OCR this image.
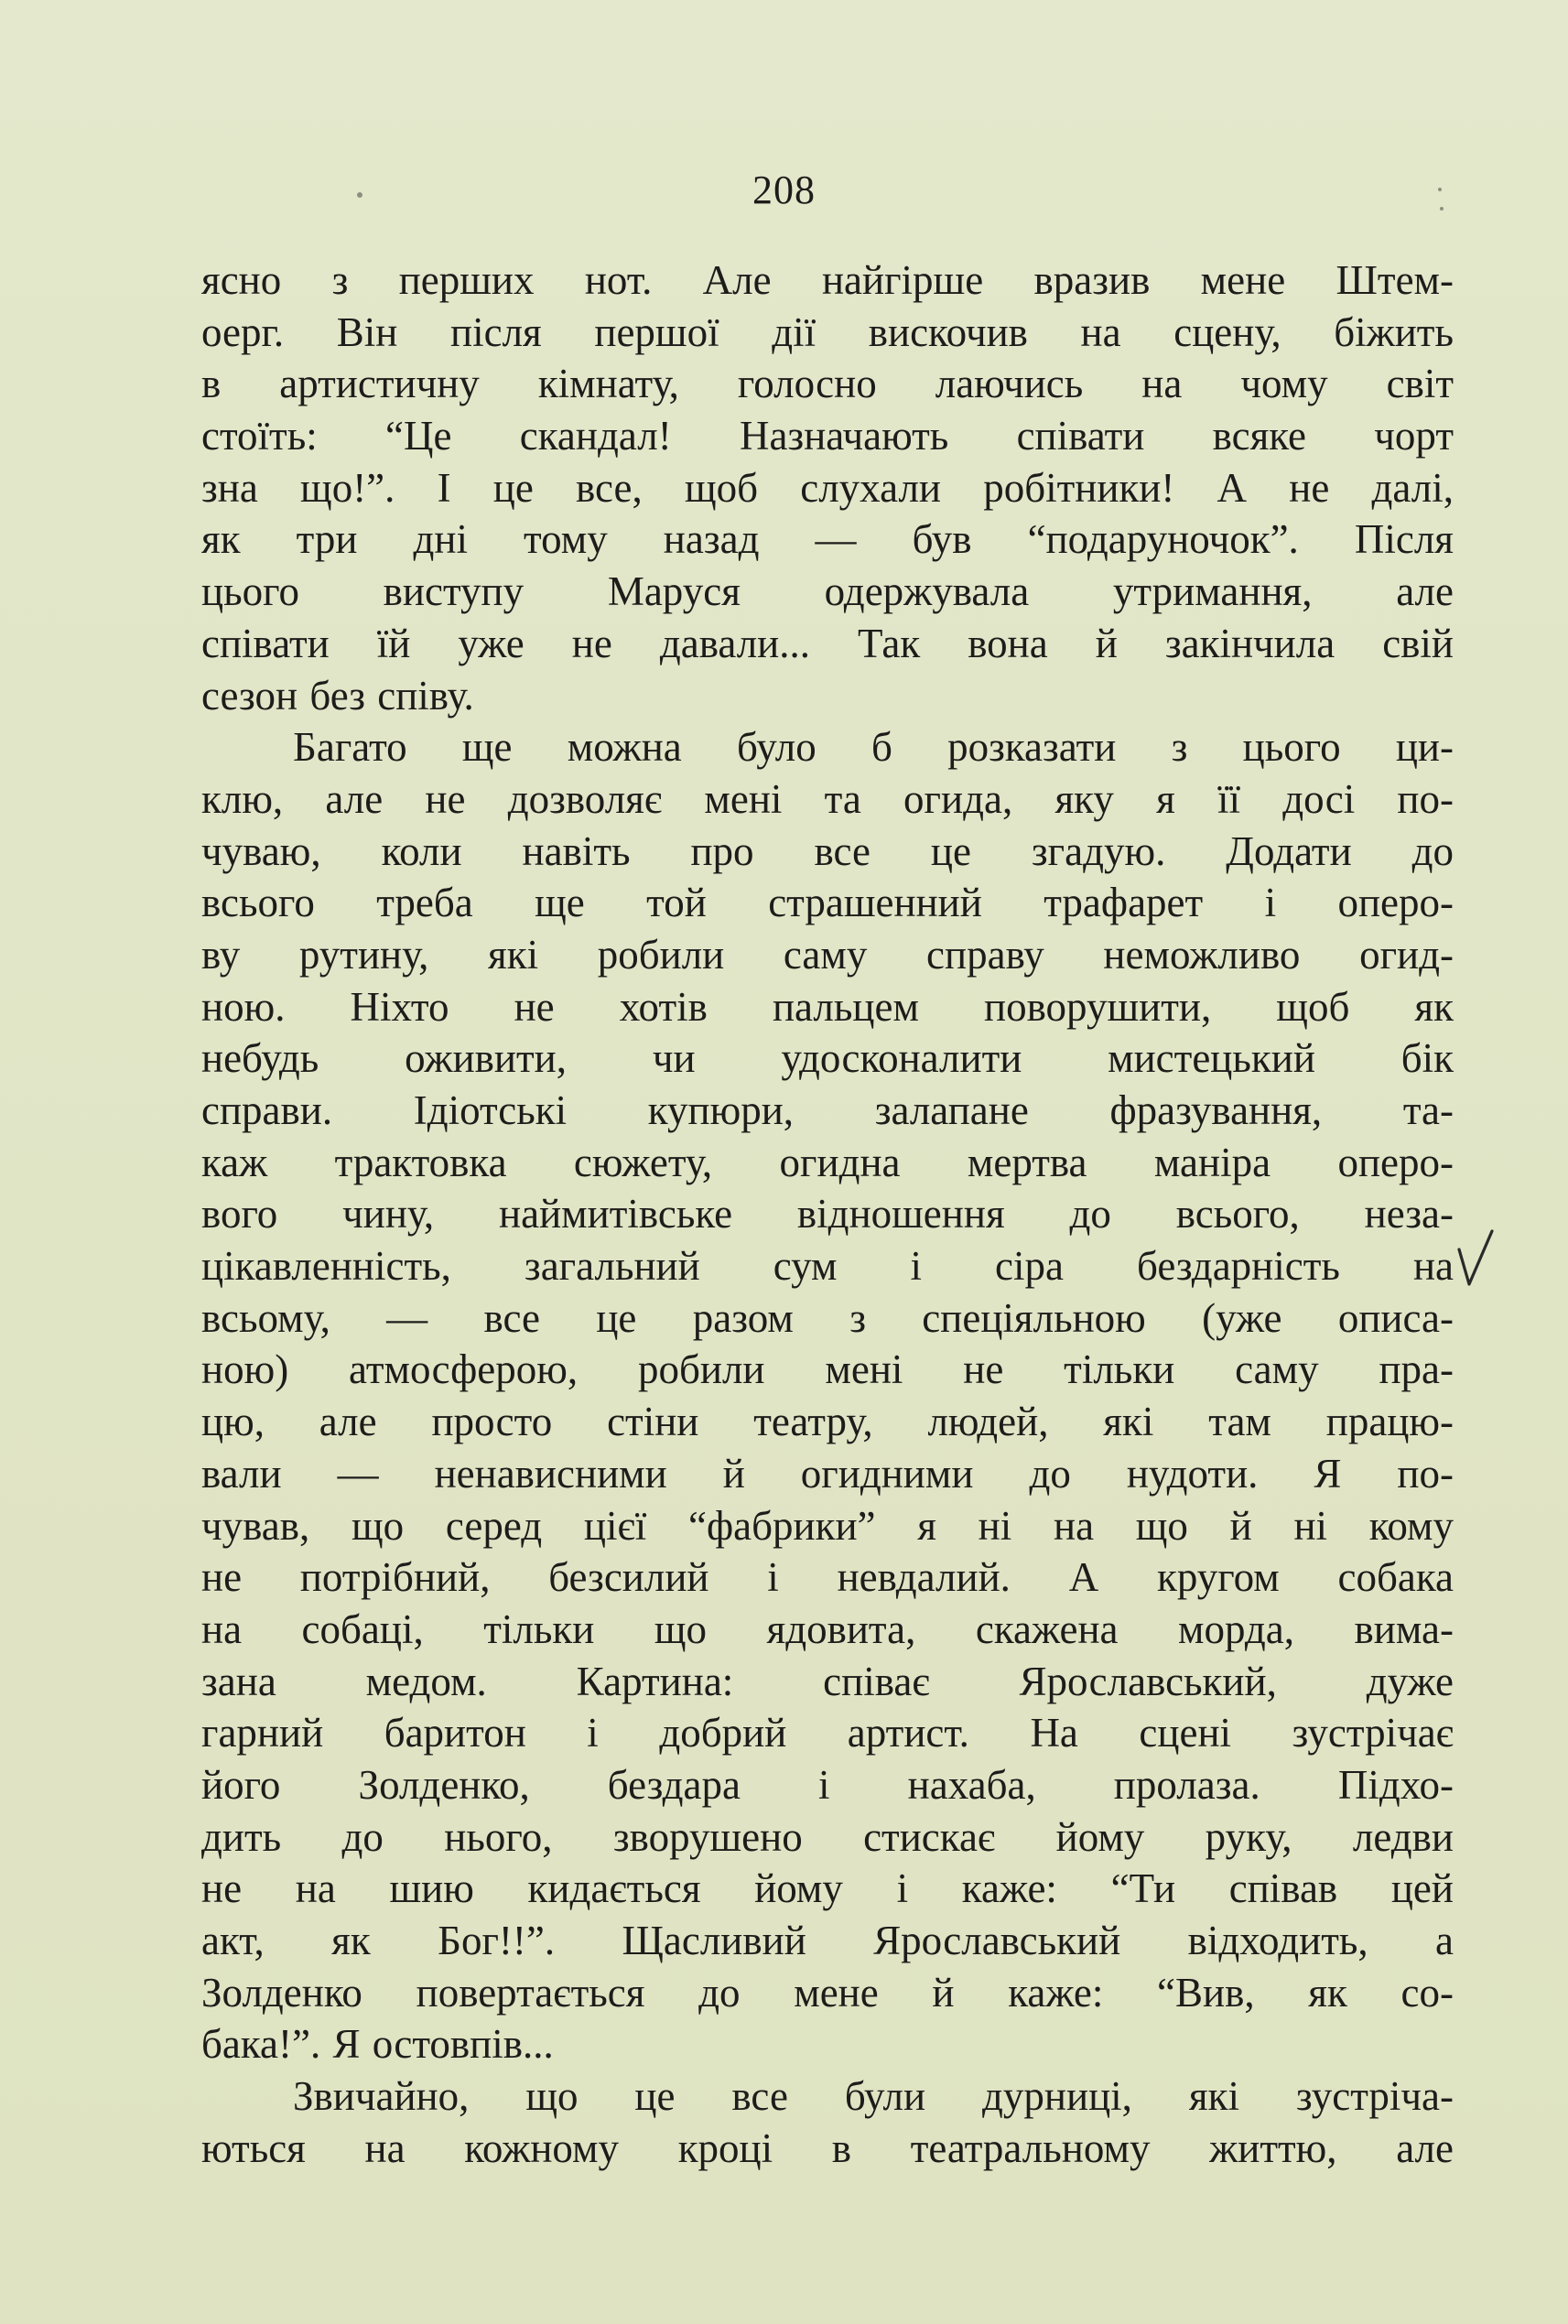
208
ясно з перших нот. Але найгірше вразив мене Штем-
оерг. Він після першої дії вискочив на сцену, біжить
в артистичну кімнату, голосно лаючись на чому світ
стоїть: “Це скандал! Назначають співати всяке чорт
зна що!”. І це все, щоб слухали робітники! А не далі,
як три дні тому назад — був “подаруночок”. Після
цього виступу Маруся одержувала утримання, але
співати їй уже не давали... Так вона й закінчила свій
сезон без співу.
Багато ще можна було б розказати з цього ци-
клю, але не дозволяє мені та огида, яку я її досі по-
чуваю, коли навіть про все це згадую. Додати до
всього треба ще той страшенний трафарет і оперо-
ву рутину, які робили саму справу неможливо огид-
ною. Ніхто не хотів пальцем поворушити, щоб як
небудь оживити, чи удосконалити мистецький бік
справи. Ідіотські купюри, залапане фразування, та-
каж трактовка сюжету, огидна мертва маніра оперо-
вого чину, наймитівське відношення до всього, неза-
цікавленність, загальний сум і сіра бездарність на
всьому, — все це разом з спеціяльною (уже описа-
ною) атмосферою, робили мені не тільки саму пра-
цю, але просто стіни театру, людей, які там працю-
вали — ненависними й огидними до нудоти. Я по-
чував, що серед цієї “фабрики” я ні на що й ні кому
не потрібний, безсилий і невдалий. А кругом собака
на собаці, тільки що ядовита, скажена морда, вима-
зана медом. Картина: співає Ярославський, дуже
гарний баритон і добрий артист. На сцені зустрічає
його Золденко, бездара і нахаба, пролаза. Підхо-
дить до нього, зворушено стискає йому руку, ледви
не на шию кидається йому і каже: “Ти співав цей
акт, як Бог!!”. Щасливий Ярославський відходить, а
Золденко повертається до мене й каже: “Вив, як со-
бака!”. Я остовпів...
Звичайно, що це все були дурниці, які зустріча-
ються на кожному кроці в театральному життю, але
